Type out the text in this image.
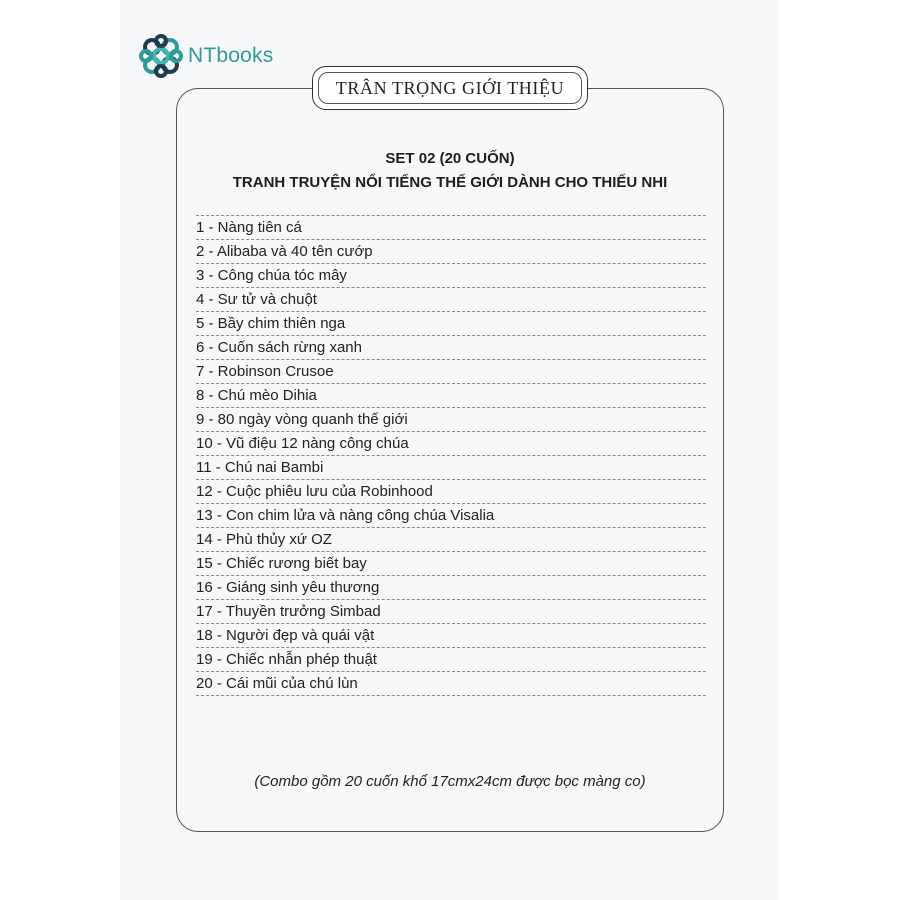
NTbooks
TRÂN TRỌNG GIỚI THIỆU
SET 02 (20 CUỐN)
TRANH TRUYỆN NỔI TIẾNG THẾ GIỚI DÀNH CHO THIẾU NHI
1 - Nàng tiên cá
2 - Alibaba và 40 tên cướp
3 - Công chúa tóc mây
4 - Sư tử và chuột
5 - Bầy chim thiên nga
6 - Cuốn sách rừng xanh
7 - Robinson Crusoe
8 - Chú mèo Dihia
9 - 80 ngày vòng quanh thế giới
10 - Vũ điệu 12 nàng công chúa
11 - Chú nai Bambi
12 - Cuộc phiêu lưu của Robinhood
13 - Con chim lửa và nàng công chúa Visalia
14 - Phù thủy xứ OZ
15 - Chiếc rương biết bay
16 - Giáng sinh yêu thương
17 - Thuyền trưởng Simbad
18 - Người đẹp và quái vật
19 - Chiếc nhẫn phép thuật
20 - Cái mũi của chú lùn
(Combo gồm 20 cuốn khổ 17cmx24cm được bọc màng co)
